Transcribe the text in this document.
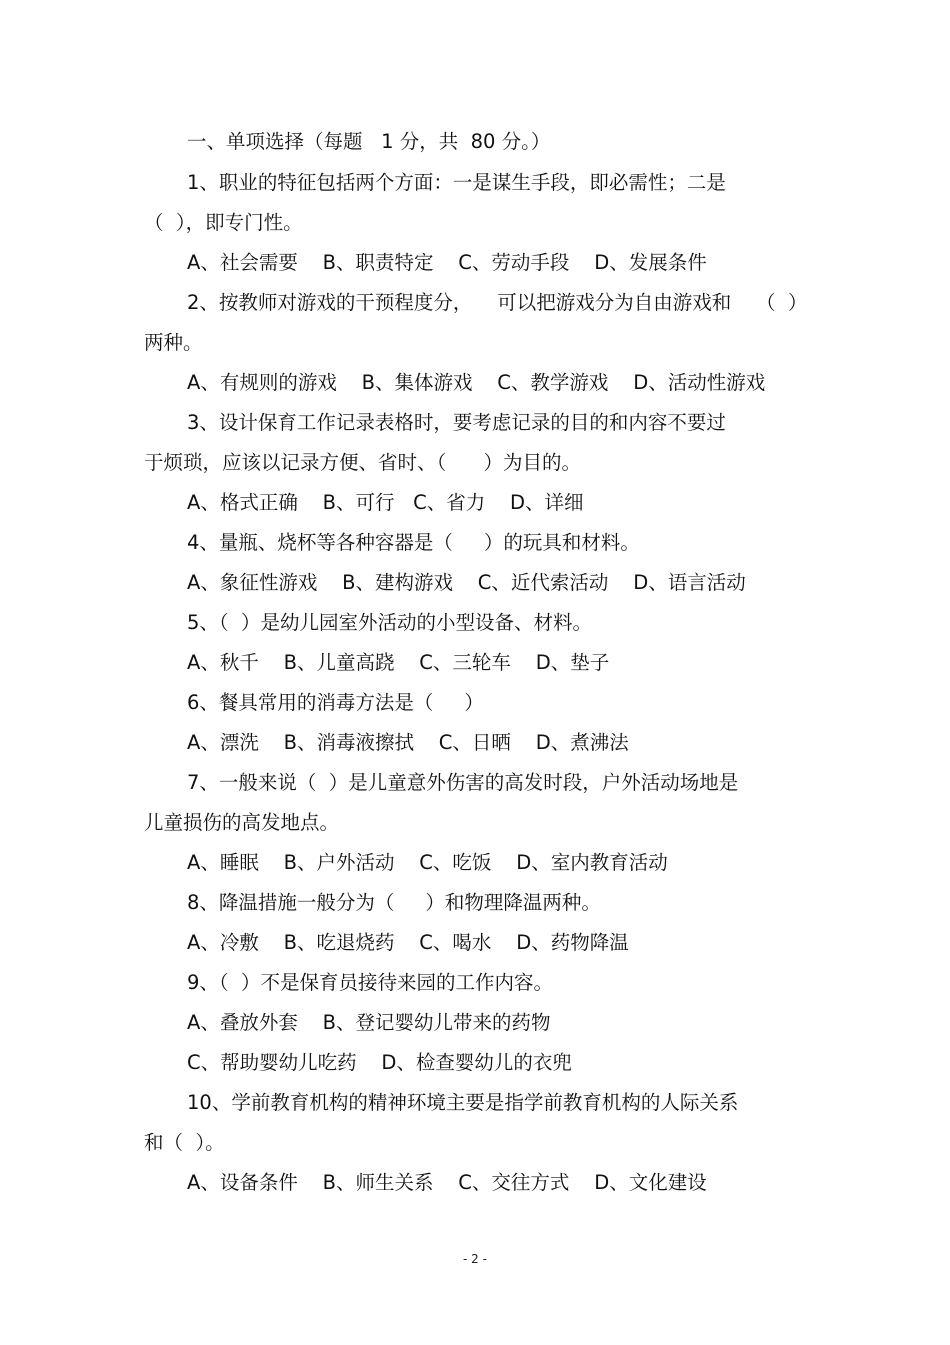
一、单项选择（每题   1 分，共  80 分。）
1、职业的特征包括两个方面：一是谋生手段，即必需性；二是
（  ），即专门性。
A、社会需要    B、职责特定    C、劳动手段    D、发展条件
2、按教师对游戏的干预程度分，    可以把游戏分为自由游戏和    （  ）
两种。
A、有规则的游戏    B、集体游戏    C、教学游戏    D、活动性游戏
3、设计保育工作记录表格时，要考虑记录的目的和内容不要过
于烦琐，应该以记录方便、省时、（      ）为目的。
A、格式正确    B、可行   C、省力    D、详细
4、量瓶、烧杯等各种容器是（     ）的玩具和材料。
A、象征性游戏    B、建构游戏    C、近代索活动    D、语言活动
5、（  ）是幼儿园室外活动的小型设备、材料。
A、秋千    B、儿童高跷    C、三轮车    D、垫子
6、餐具常用的消毒方法是（     ）
A、漂洗    B、消毒液擦拭    C、日晒    D、煮沸法
7、一般来说（  ）是儿童意外伤害的高发时段，户外活动场地是
儿童损伤的高发地点。
A、睡眠    B、户外活动    C、吃饭    D、室内教育活动
8、降温措施一般分为（     ）和物理降温两种。
A、冷敷    B、吃退烧药    C、喝水    D、药物降温
9、（  ）不是保育员接待来园的工作内容。
A、叠放外套    B、登记婴幼儿带来的药物
C、帮助婴幼儿吃药    D、检查婴幼儿的衣兜
10、学前教育机构的精神环境主要是指学前教育机构的人际关系
和（  ）。
A、设备条件    B、师生关系    C、交往方式    D、文化建设
- 2 -
